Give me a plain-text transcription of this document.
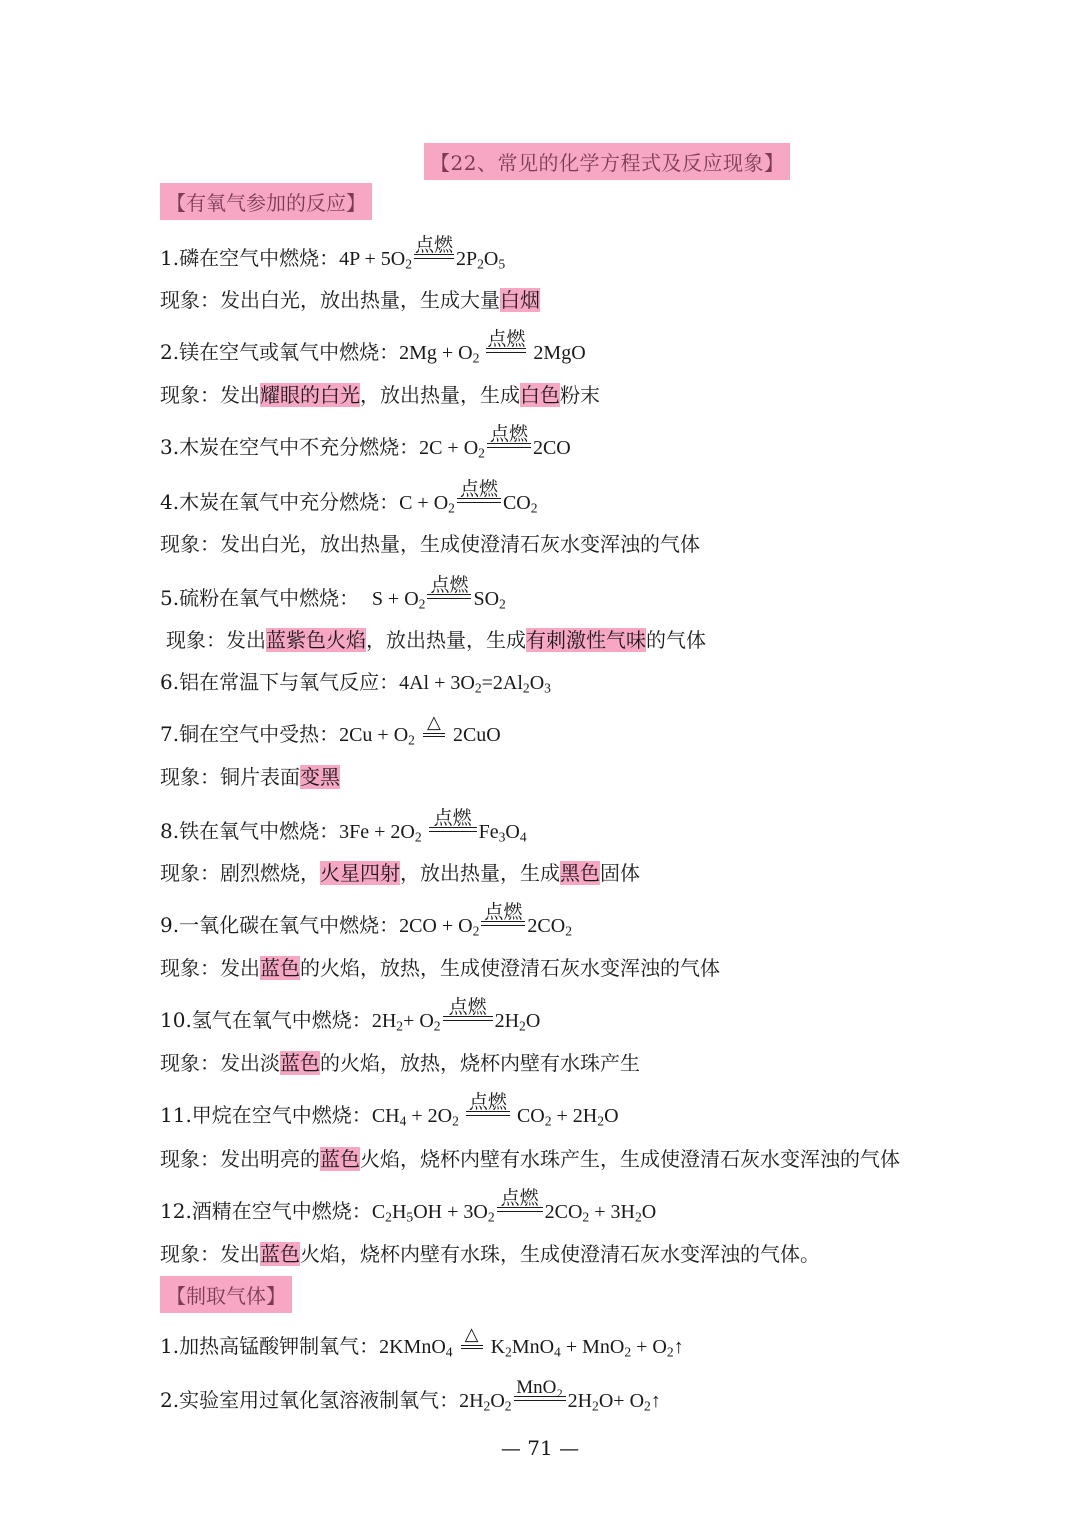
【22、常见的化学方程式及反应现象】
【有氧气参加的反应】
1.磷在空气中燃烧：$4P + 5O_2$
点燃
$2P_2O_5$
现象：发出白光，放出热量，生成大量白烟
2.镁在空气或氧气中燃烧：$2Mg + O_2$
点燃
2MgO
现象：发出耀眼的白光，放出热量，生成白色粉末
3.木炭在空气中不充分燃烧：$2C + O_2$
点燃
2CO
4.木炭在氧气中充分燃烧：$C + O_2$
点燃
$CO_2$
现象：发出白光，放出热量，生成使澄清石灰水变浑浊的气体
5.硫粉在氧气中燃烧： $S + O_2$
点燃
$SO_2$
现象：发出蓝紫色火焰，放出热量，生成有刺激性气味的气体
6.铝在常温下与氧气反应：$4Al + 3O_2=2Al_2O_3$
7.铜在空气中受热：$2Cu + O_2$
△
2CuO
现象：铜片表面变黑
8.铁在氧气中燃烧：$3Fe + 2O_2$
点燃
$Fe_3O_4$
现象：剧烈燃烧，火星四射，放出热量，生成黑色固体
9.一氧化碳在氧气中燃烧：$2CO + O_2$
点燃
$2CO_2$
现象：发出蓝色的火焰，放热，生成使澄清石灰水变浑浊的气体
10.氢气在氧气中燃烧：$2H_2+ O_2$
点燃
$2H_2O$
现象：发出淡蓝色的火焰，放热，烧杯内壁有水珠产生
11.甲烷在空气中燃烧：$CH_4 + 2O_2$
点燃
$CO_2 + 2H_2O$
现象：发出明亮的蓝色火焰，烧杯内壁有水珠产生，生成使澄清石灰水变浑浊的气体
12.酒精在空气中燃烧：$C_2H_5OH + 3O_2$
点燃
$2CO_2 + 3H_2O$
现象：发出蓝色火焰，烧杯内壁有水珠，生成使澄清石灰水变浑浊的气体。
【制取气体】
1.加热高锰酸钾制氧气：2KMnO$_4$
△
$K_2MnO_4 + MnO_2$ + $O_2↑$
2.实验室用过氧化氢溶液制氧气：$2H_2O_2$
MnO₂
$2H_2O+$ $O_2↑$
— 71 —
